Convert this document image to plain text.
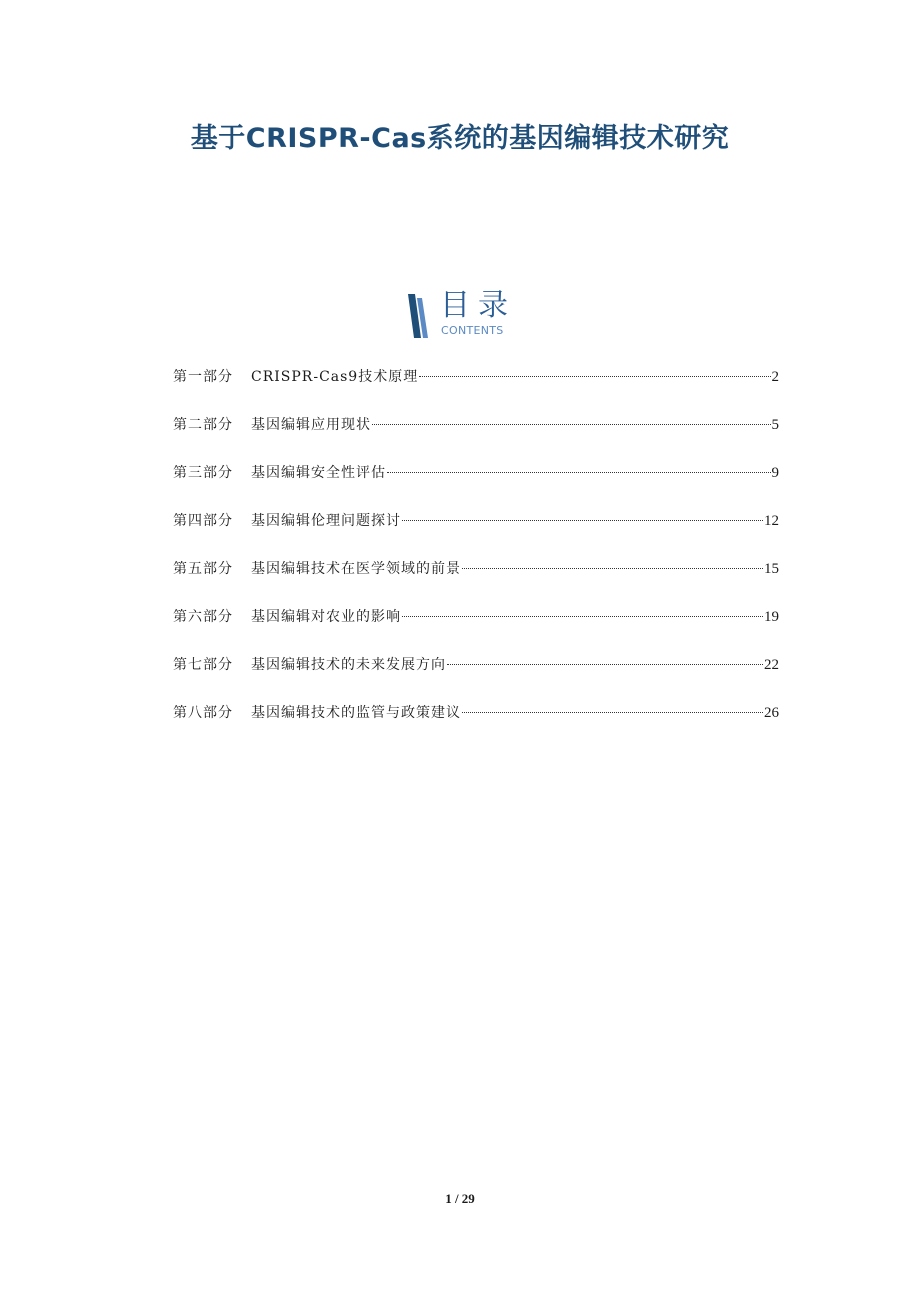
基于CRISPR-Cas系统的基因编辑技术研究
目录
CONTENTS
第一部分 CRISPR-Cas9技术原理	2
第二部分 基因编辑应用现状	5
第三部分 基因编辑安全性评估	9
第四部分 基因编辑伦理问题探讨	12
第五部分 基因编辑技术在医学领域的前景	15
第六部分 基因编辑对农业的影响	19
第七部分 基因编辑技术的未来发展方向	22
第八部分 基因编辑技术的监管与政策建议	26
1 / 29
